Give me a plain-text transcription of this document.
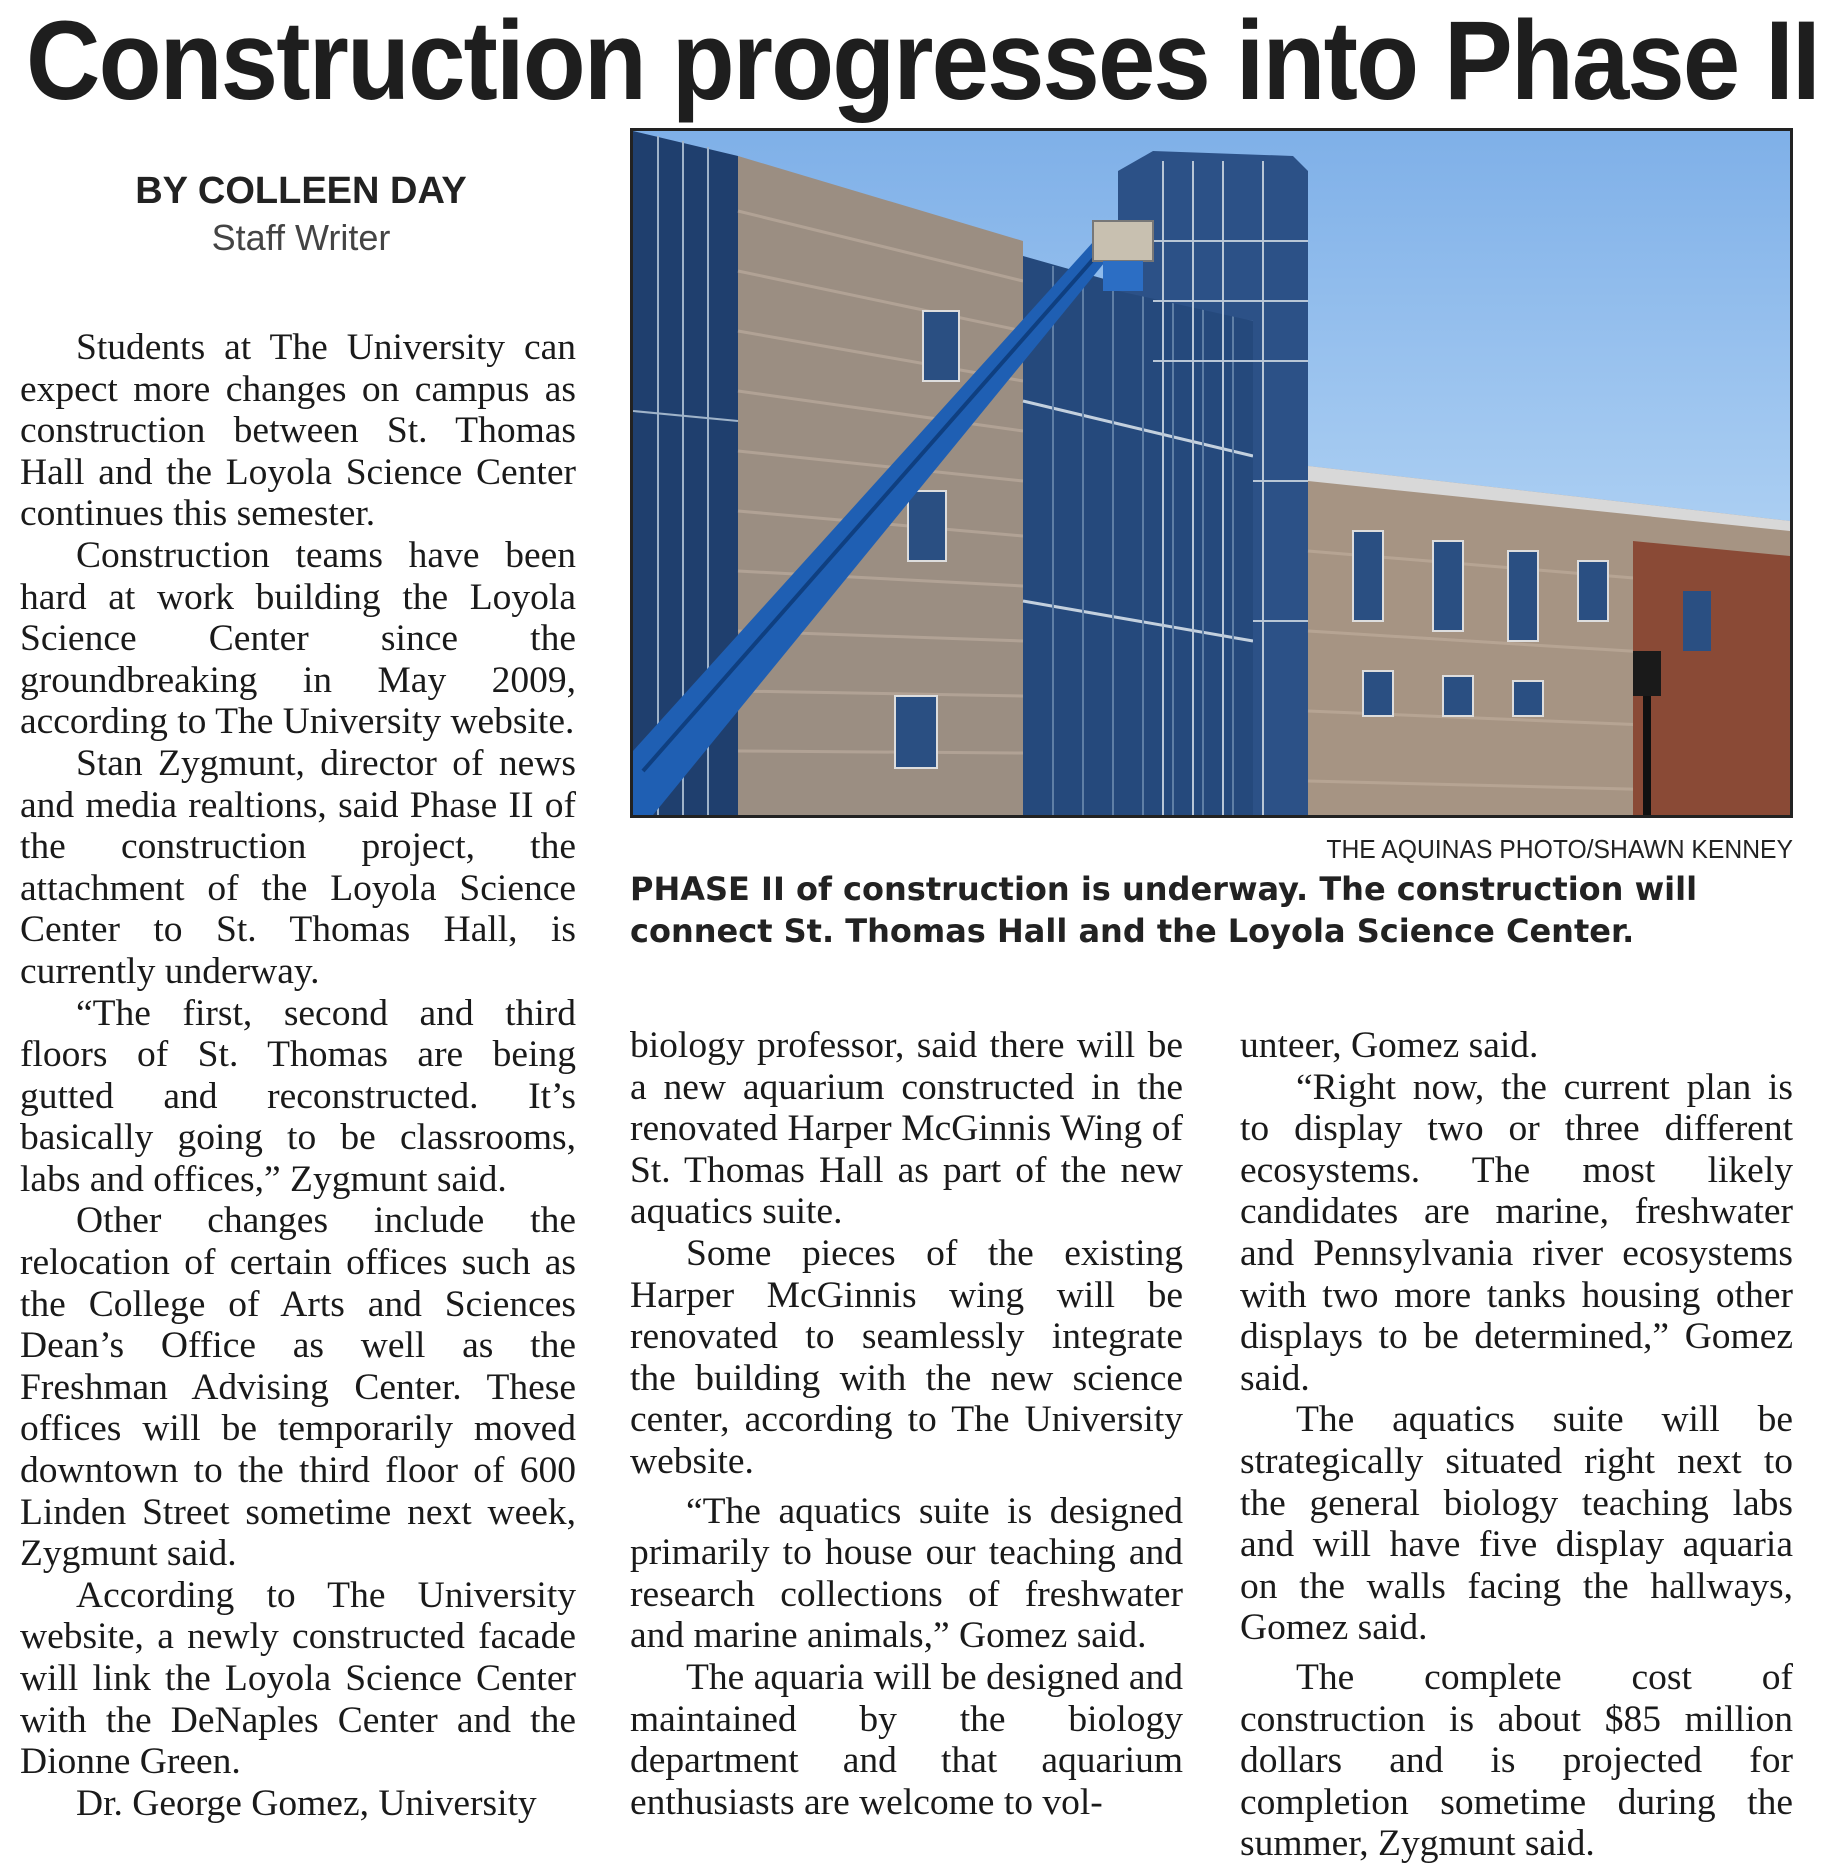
Construction progresses into Phase II
BY COLLEEN DAY
Staff Writer
THE AQUINAS PHOTO/SHAWN KENNEY
PHASE II of construction is underway. The construction will connect St. Thomas Hall and the Loyola Science Center.

Students at The University can expect more changes on campus as construction between St. Thomas Hall and the Loyola Science Center continues this semester.

Construction teams have been hard at work building the Loyola Science Center since the groundbreaking in May 2009, according to The University website.

Stan Zygmunt, director of news and media realtions, said Phase II of the construction project, the attachment of the Loyola Science Center to St. Thomas Hall, is currently underway.

“The first, second and third floors of St. Thomas are being gutted and reconstructed. It’s basically going to be classrooms, labs and offices,” Zygmunt said.

Other changes include the relocation of certain offices such as the College of Arts and Sciences Dean’s Office as well as the Freshman Advising Center. These offices will be temporarily moved downtown to the third floor of 600 Linden Street sometime next week, Zygmunt said.

According to The University website, a newly constructed facade will link the Loyola Science Center with the DeNaples Center and the Dionne Green.

Dr. George Gomez, University

biology professor, said there will be a new aquarium constructed in the renovated Harper McGinnis Wing of St. Thomas Hall as part of the new aquatics suite.

Some pieces of the existing Harper McGinnis wing will be renovated to seamlessly integrate the building with the new science center, according to The University website.

“The aquatics suite is designed primarily to house our teaching and research collections of freshwater and marine animals,” Gomez said.

The aquaria will be designed and maintained by the biology department and that aquarium enthusiasts are welcome to vol-

unteer, Gomez said.

“Right now, the current plan is to display two or three different ecosystems. The most likely candidates are marine, freshwater and Pennsylvania river ecosystems with two more tanks housing other displays to be determined,” Gomez said.

The aquatics suite will be strategically situated right next to the general biology teaching labs and will have five display aquaria on the walls facing the hallways, Gomez said.

The complete cost of construction is about $85 million dollars and is projected for completion sometime during the summer, Zygmunt said.
